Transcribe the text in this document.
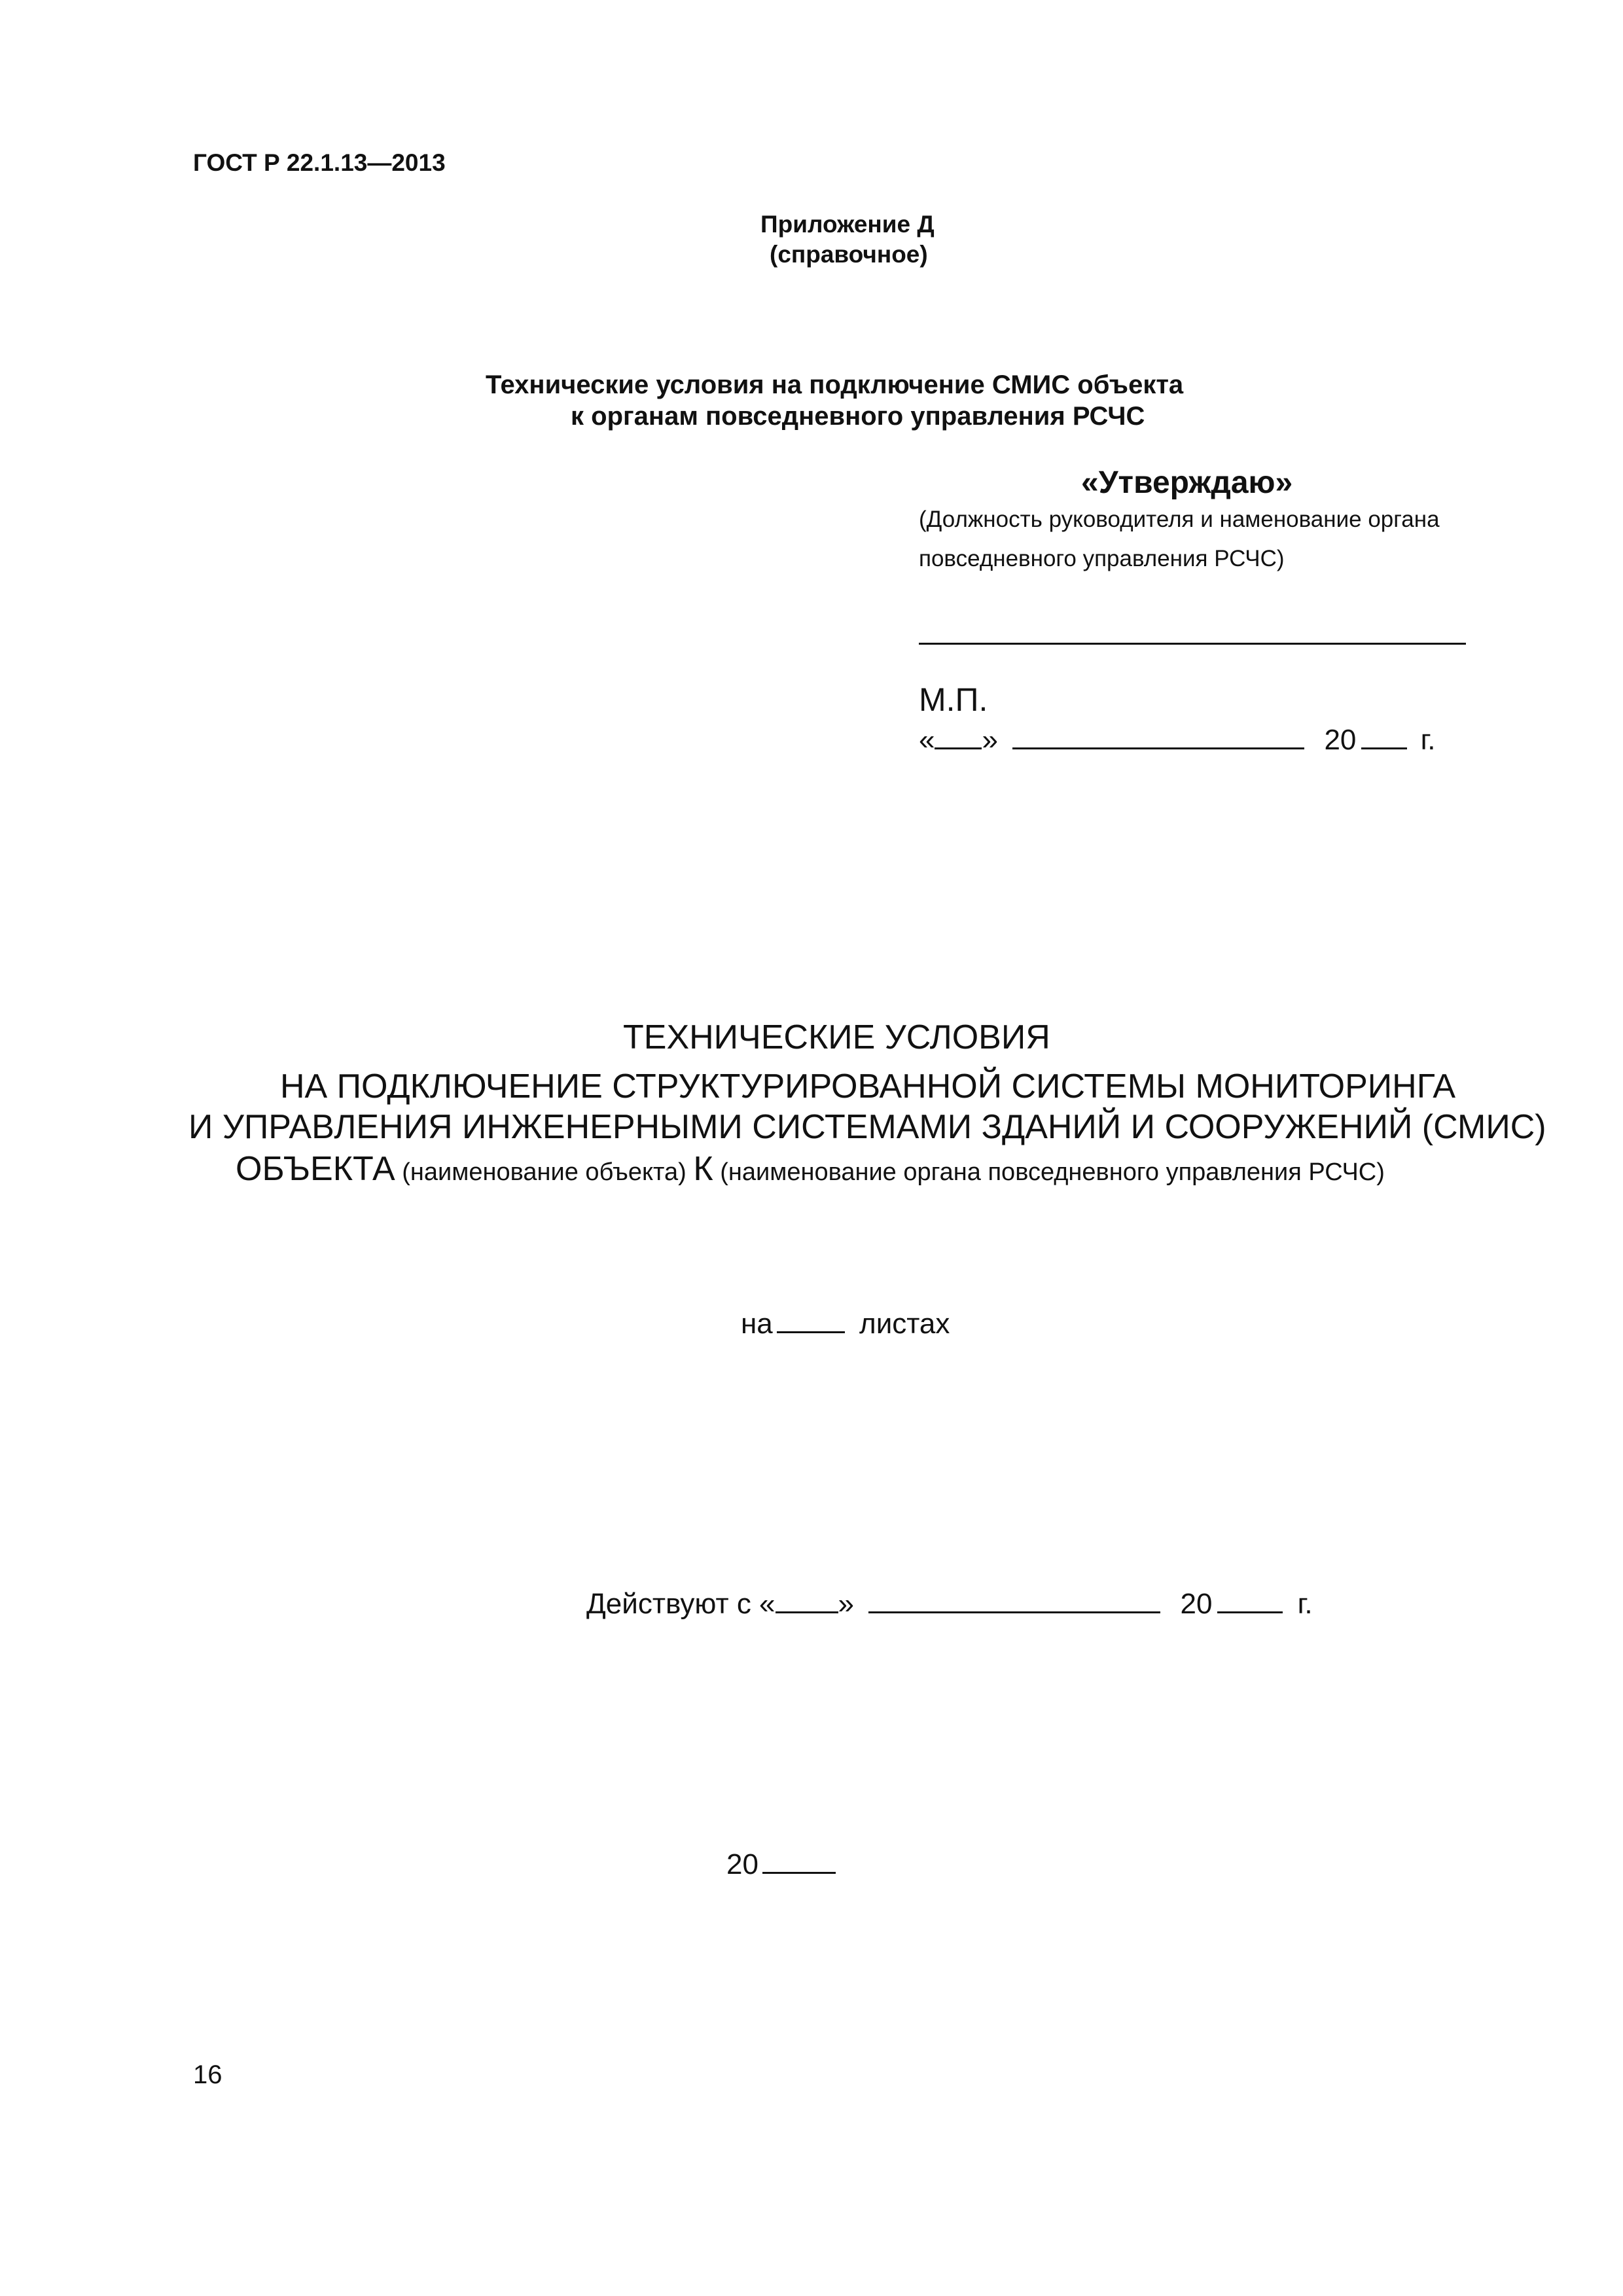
ГОСТ Р 22.1.13—2013
Приложение Д
(справочное)
Технические условия на подключение СМИС объекта
к органам повседневного управления РСЧС
«Утверждаю»
(Должность руководителя и наменование органа
повседневного управления РСЧС)
М.П.
« »	20 г.
ТЕХНИЧЕСКИЕ УСЛОВИЯ
НА ПОДКЛЮЧЕНИЕ СТРУКТУРИРОВАННОЙ СИСТЕМЫ МОНИТОРИНГА
И УПРАВЛЕНИЯ ИНЖЕНЕРНЫМИ СИСТЕМАМИ ЗДАНИЙ И СООРУЖЕНИЙ (СМИС)
ОБЪЕКТА (наименование объекта) К (наименование органа повседневного управления РСЧС)
на	листах
Действуют с « »	20	г.
20
16
